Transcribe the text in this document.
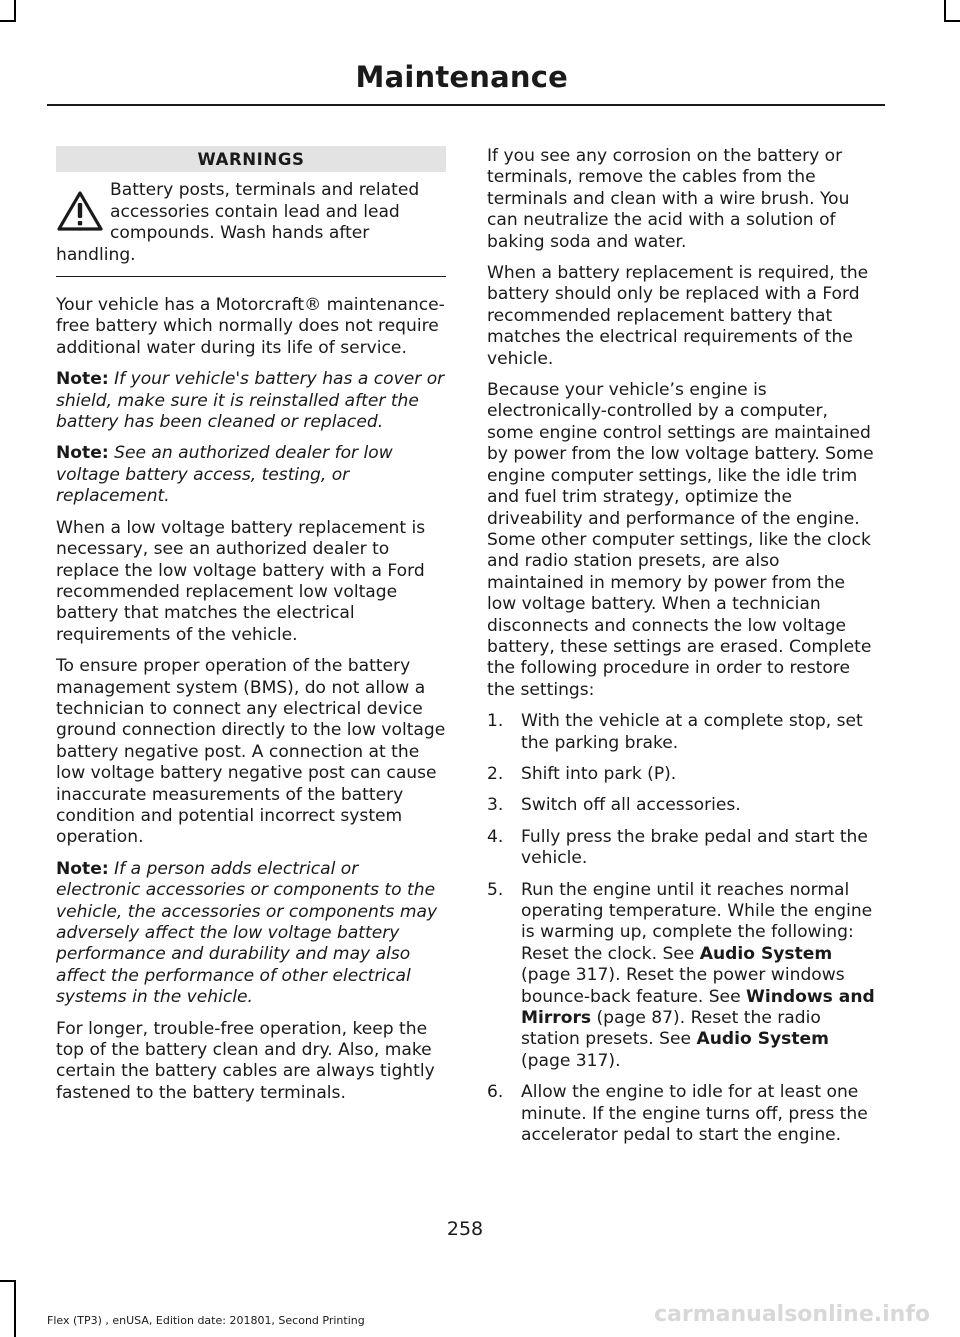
Maintenance
WARNINGS

Battery posts, terminals and related accessories contain lead and lead compounds. Wash hands after handling.

Your vehicle has a Motorcraft® maintenance-free battery which normally does not require additional water during its life of service.

Note: If your vehicle's battery has a cover or shield, make sure it is reinstalled after the battery has been cleaned or replaced.

Note: See an authorized dealer for low voltage battery access, testing, or replacement.

When a low voltage battery replacement is necessary, see an authorized dealer to replace the low voltage battery with a Ford recommended replacement low voltage battery that matches the electrical requirements of the vehicle.

To ensure proper operation of the battery management system (BMS), do not allow a technician to connect any electrical device ground connection directly to the low voltage battery negative post. A connection at the low voltage battery negative post can cause inaccurate measurements of the battery condition and potential incorrect system operation.

Note: If a person adds electrical or electronic accessories or components to the vehicle, the accessories or components may adversely affect the low voltage battery performance and durability and may also affect the performance of other electrical systems in the vehicle.

For longer, trouble-free operation, keep the top of the battery clean and dry. Also, make certain the battery cables are always tightly fastened to the battery terminals.

If you see any corrosion on the battery or terminals, remove the cables from the terminals and clean with a wire brush. You can neutralize the acid with a solution of baking soda and water.

When a battery replacement is required, the battery should only be replaced with a Ford recommended replacement battery that matches the electrical requirements of the vehicle.

Because your vehicle’s engine is electronically-controlled by a computer, some engine control settings are maintained by power from the low voltage battery. Some engine computer settings, like the idle trim and fuel trim strategy, optimize the driveability and performance of the engine. Some other computer settings, like the clock and radio station presets, are also maintained in memory by power from the low voltage battery. When a technician disconnects and connects the low voltage battery, these settings are erased. Complete the following procedure in order to restore the settings:

1. With the vehicle at a complete stop, set the parking brake.
2. Shift into park (P).
3. Switch off all accessories.
4. Fully press the brake pedal and start the vehicle.
5. Run the engine until it reaches normal operating temperature. While the engine is warming up, complete the following: Reset the clock. See Audio System (page 317). Reset the power windows bounce-back feature. See Windows and Mirrors (page 87). Reset the radio station presets. See Audio System (page 317).
6. Allow the engine to idle for at least one minute. If the engine turns off, press the accelerator pedal to start the engine.
258
Flex (TP3) , enUSA, Edition date: 201801, Second Printing	carmanualsonline.info
